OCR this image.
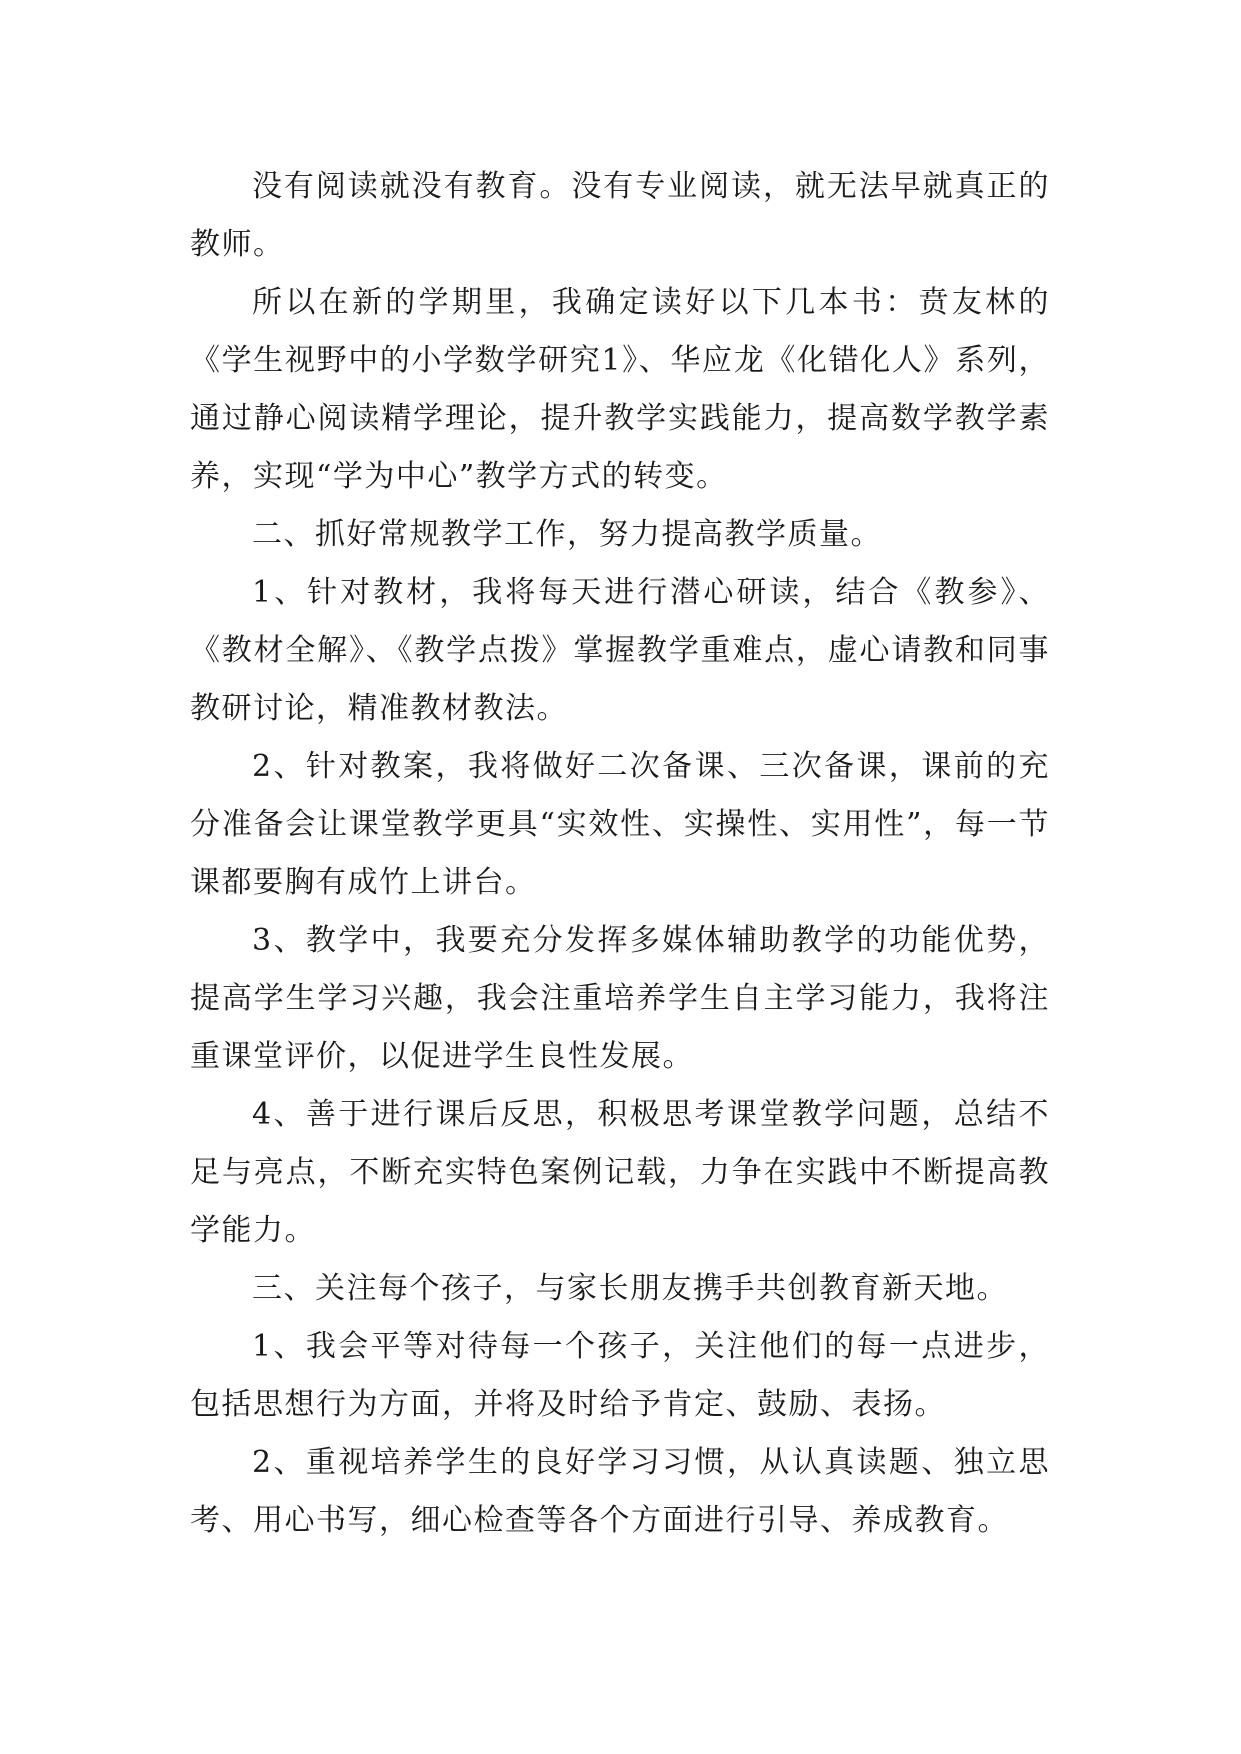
没有阅读就没有教育。没有专业阅读，就无法早就真正的教师。

所以在新的学期里，我确定读好以下几本书：贲友林的《学生视野中的小学数学研究1》、华应龙《化错化人》系列，通过静心阅读精学理论，提升教学实践能力，提高数学教学素养，实现“学为中心”教学方式的转变。

二、抓好常规教学工作，努力提高教学质量。

1、针对教材，我将每天进行潜心研读，结合《教参》、《教材全解》、《教学点拨》掌握教学重难点，虚心请教和同事教研讨论，精准教材教法。

2、针对教案，我将做好二次备课、三次备课，课前的充分准备会让课堂教学更具“实效性、实操性、实用性”，每一节课都要胸有成竹上讲台。

3、教学中，我要充分发挥多媒体辅助教学的功能优势，提高学生学习兴趣，我会注重培养学生自主学习能力，我将注重课堂评价，以促进学生良性发展。

4、善于进行课后反思，积极思考课堂教学问题，总结不足与亮点，不断充实特色案例记载，力争在实践中不断提高教学能力。

三、关注每个孩子，与家长朋友携手共创教育新天地。

1、我会平等对待每一个孩子，关注他们的每一点进步，包括思想行为方面，并将及时给予肯定、鼓励、表扬。

2、重视培养学生的良好学习习惯，从认真读题、独立思考、用心书写，细心检查等各个方面进行引导、养成教育。
